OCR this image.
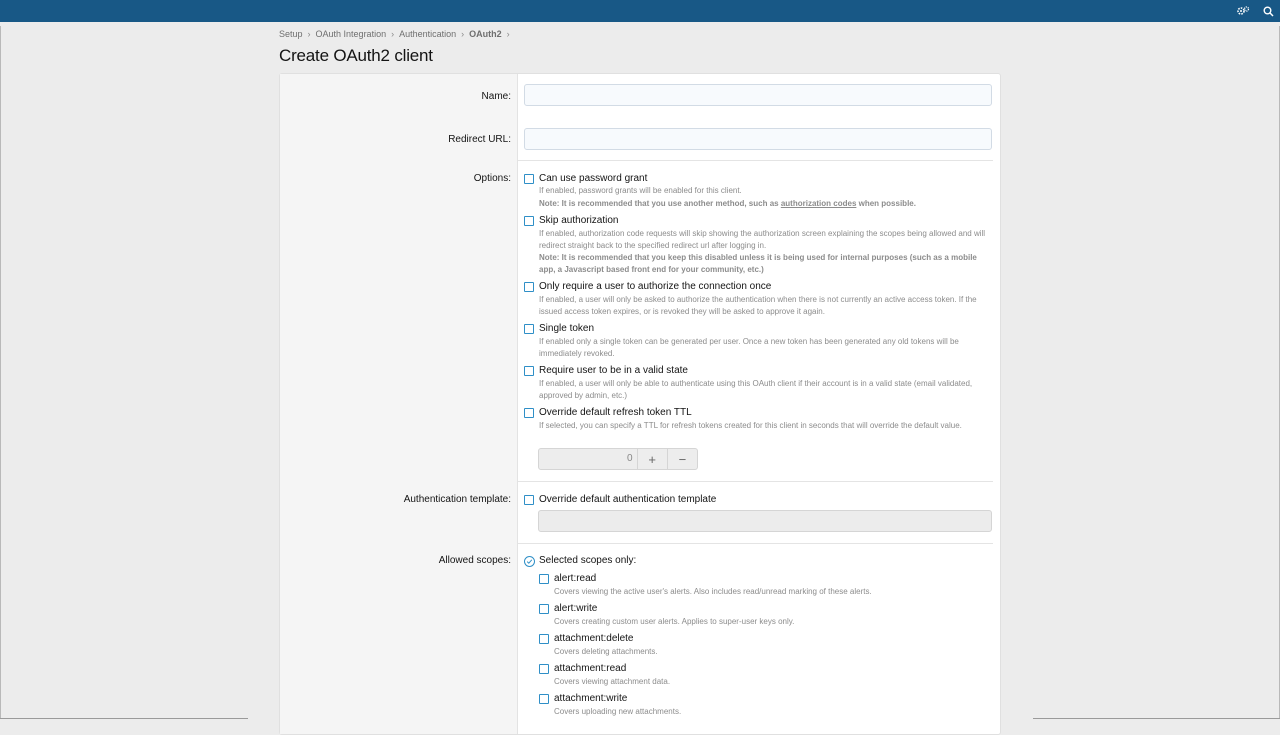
Setup › OAuth Integration › Authentication › OAuth2 ›
Create OAuth2 client
Name:
Redirect URL:
Options:	Can use password grant
If enabled, password grants will be enabled for this client.
Note: It is recommended that you use another method, such as authorization codes when possible.
Skip authorization
If enabled, authorization code requests will skip showing the authorization screen explaining the scopes being allowed and will redirect straight back to the specified redirect url after logging in.
Note: It is recommended that you keep this disabled unless it is being used for internal purposes (such as a mobile app, a Javascript based front end for your community, etc.)
Only require a user to authorize the connection once
If enabled, a user will only be asked to authorize the authentication when there is not currently an active access token. If the issued access token expires, or is revoked they will be asked to approve it again.
Single token
If enabled only a single token can be generated per user. Once a new token has been generated any old tokens will be immediately revoked.
Require user to be in a valid state
If enabled, a user will only be able to authenticate using this OAuth client if their account is in a valid state (email validated, approved by admin, etc.)
Override default refresh token TTL
If selected, you can specify a TTL for refresh tokens created for this client in seconds that will override the default value.
0	+	−
Authentication template:	Override default authentication template
Allowed scopes:	Selected scopes only:
alert:read
Covers viewing the active user's alerts. Also includes read/unread marking of these alerts.
alert:write
Covers creating custom user alerts. Applies to super-user keys only.
attachment:delete
Covers deleting attachments.
attachment:read
Covers viewing attachment data.
attachment:write
Covers uploading new attachments.
